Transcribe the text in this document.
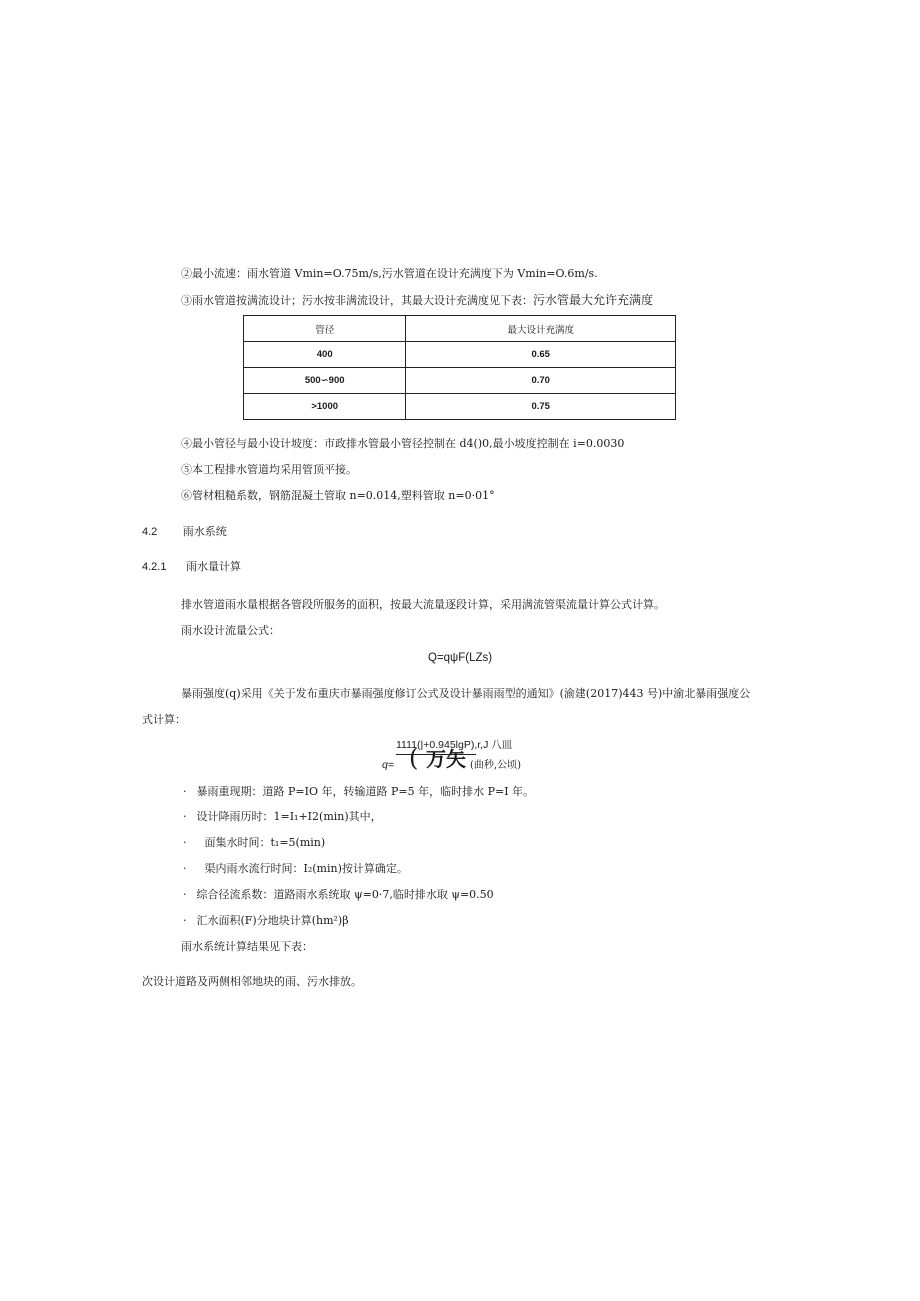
②最小流速：雨水管道 Vmin=O.75m/s,污水管道在设计充满度下为 Vmin=O.6m/s.
③雨水管道按满流设计；污水按非满流设计，其最大设计充满度见下表：污水管最大允许充满度
管径	最大设计充满度
400	0.65
500∽900	0.70
>1000	0.75
④最小管径与最小设计坡度：市政排水管最小管径控制在 d4()0,最小坡度控制在 i=0.0030
⑤本工程排水管道均采用管顶平接。
⑥管材粗糙系数，钢筋混凝土管取 n=0.014,塑料管取 n=0·01°
4.2 雨水系统
4.2.1 雨水量计算
排水管道雨水量根据各管段所服务的面积，按最大流量逐段计算，采用满流管渠流量计算公式计算。
雨水设计流量公式：
Q=qψF(LZs)
暴雨强度(q)采用《关于发布重庆市暴雨强度修订公式及设计暴雨雨型的通知》(渝建(2017)443 号)中渝北暴雨强度公
式计算：
1111(|+0.945lgP),r,J 八皿
q= ( 万矢 (曲秒,公顷)
· 暴雨重现期：道路 P=IO 年，转输道路 P=5 年，临时排水 P=I 年。
· 设计降雨历时：1=I₁+I2(min)其中，
· 面集水时间：t₁=5(min)
· 渠内雨水流行时间：I₂(min)按计算确定。
· 综合径流系数：道路雨水系统取 ψ=0·7,临时排水取 ψ=0.50
· 汇水面积(F)分地块计算(hm²)β
雨水系统计算结果见下表：
次设计道路及两侧相邻地块的雨、污水排放。
